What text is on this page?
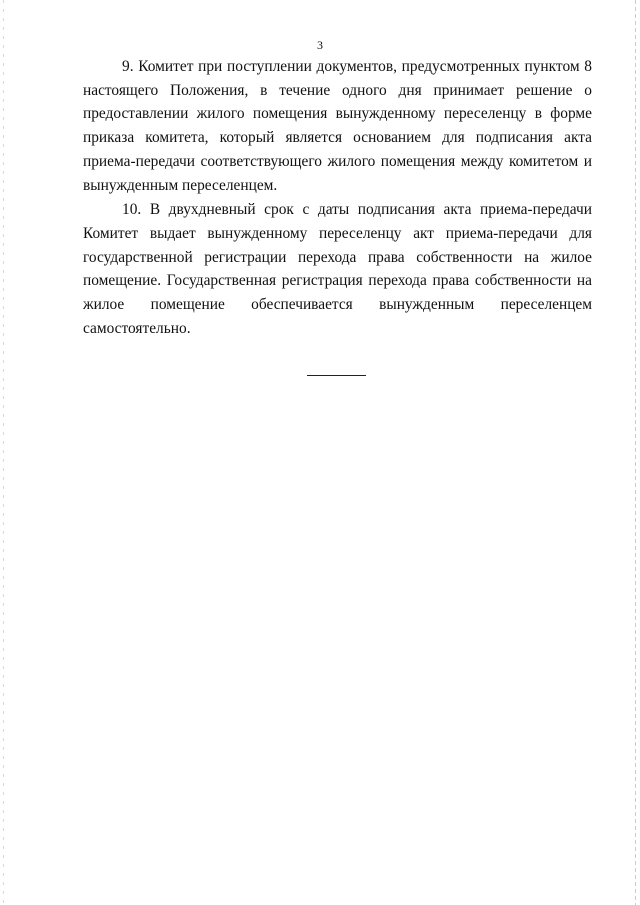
3

9. Комитет при поступлении документов, предусмотренных пунктом 8 настоящего Положения, в течение одного дня принимает решение о предоставлении жилого помещения вынужденному переселенцу в форме приказа комитета, который является основанием для подписания акта приема-передачи соответствующего жилого помещения между комитетом и вынужденным переселенцем.

10. В двухдневный срок с даты подписания акта приема-передачи Комитет выдает вынужденному переселенцу акт приема-передачи для государственной регистрации перехода права собственности на жилое помещение. Государственная регистрация перехода права собственности на жилое помещение обеспечивается вынужденным переселенцем самостоятельно.
